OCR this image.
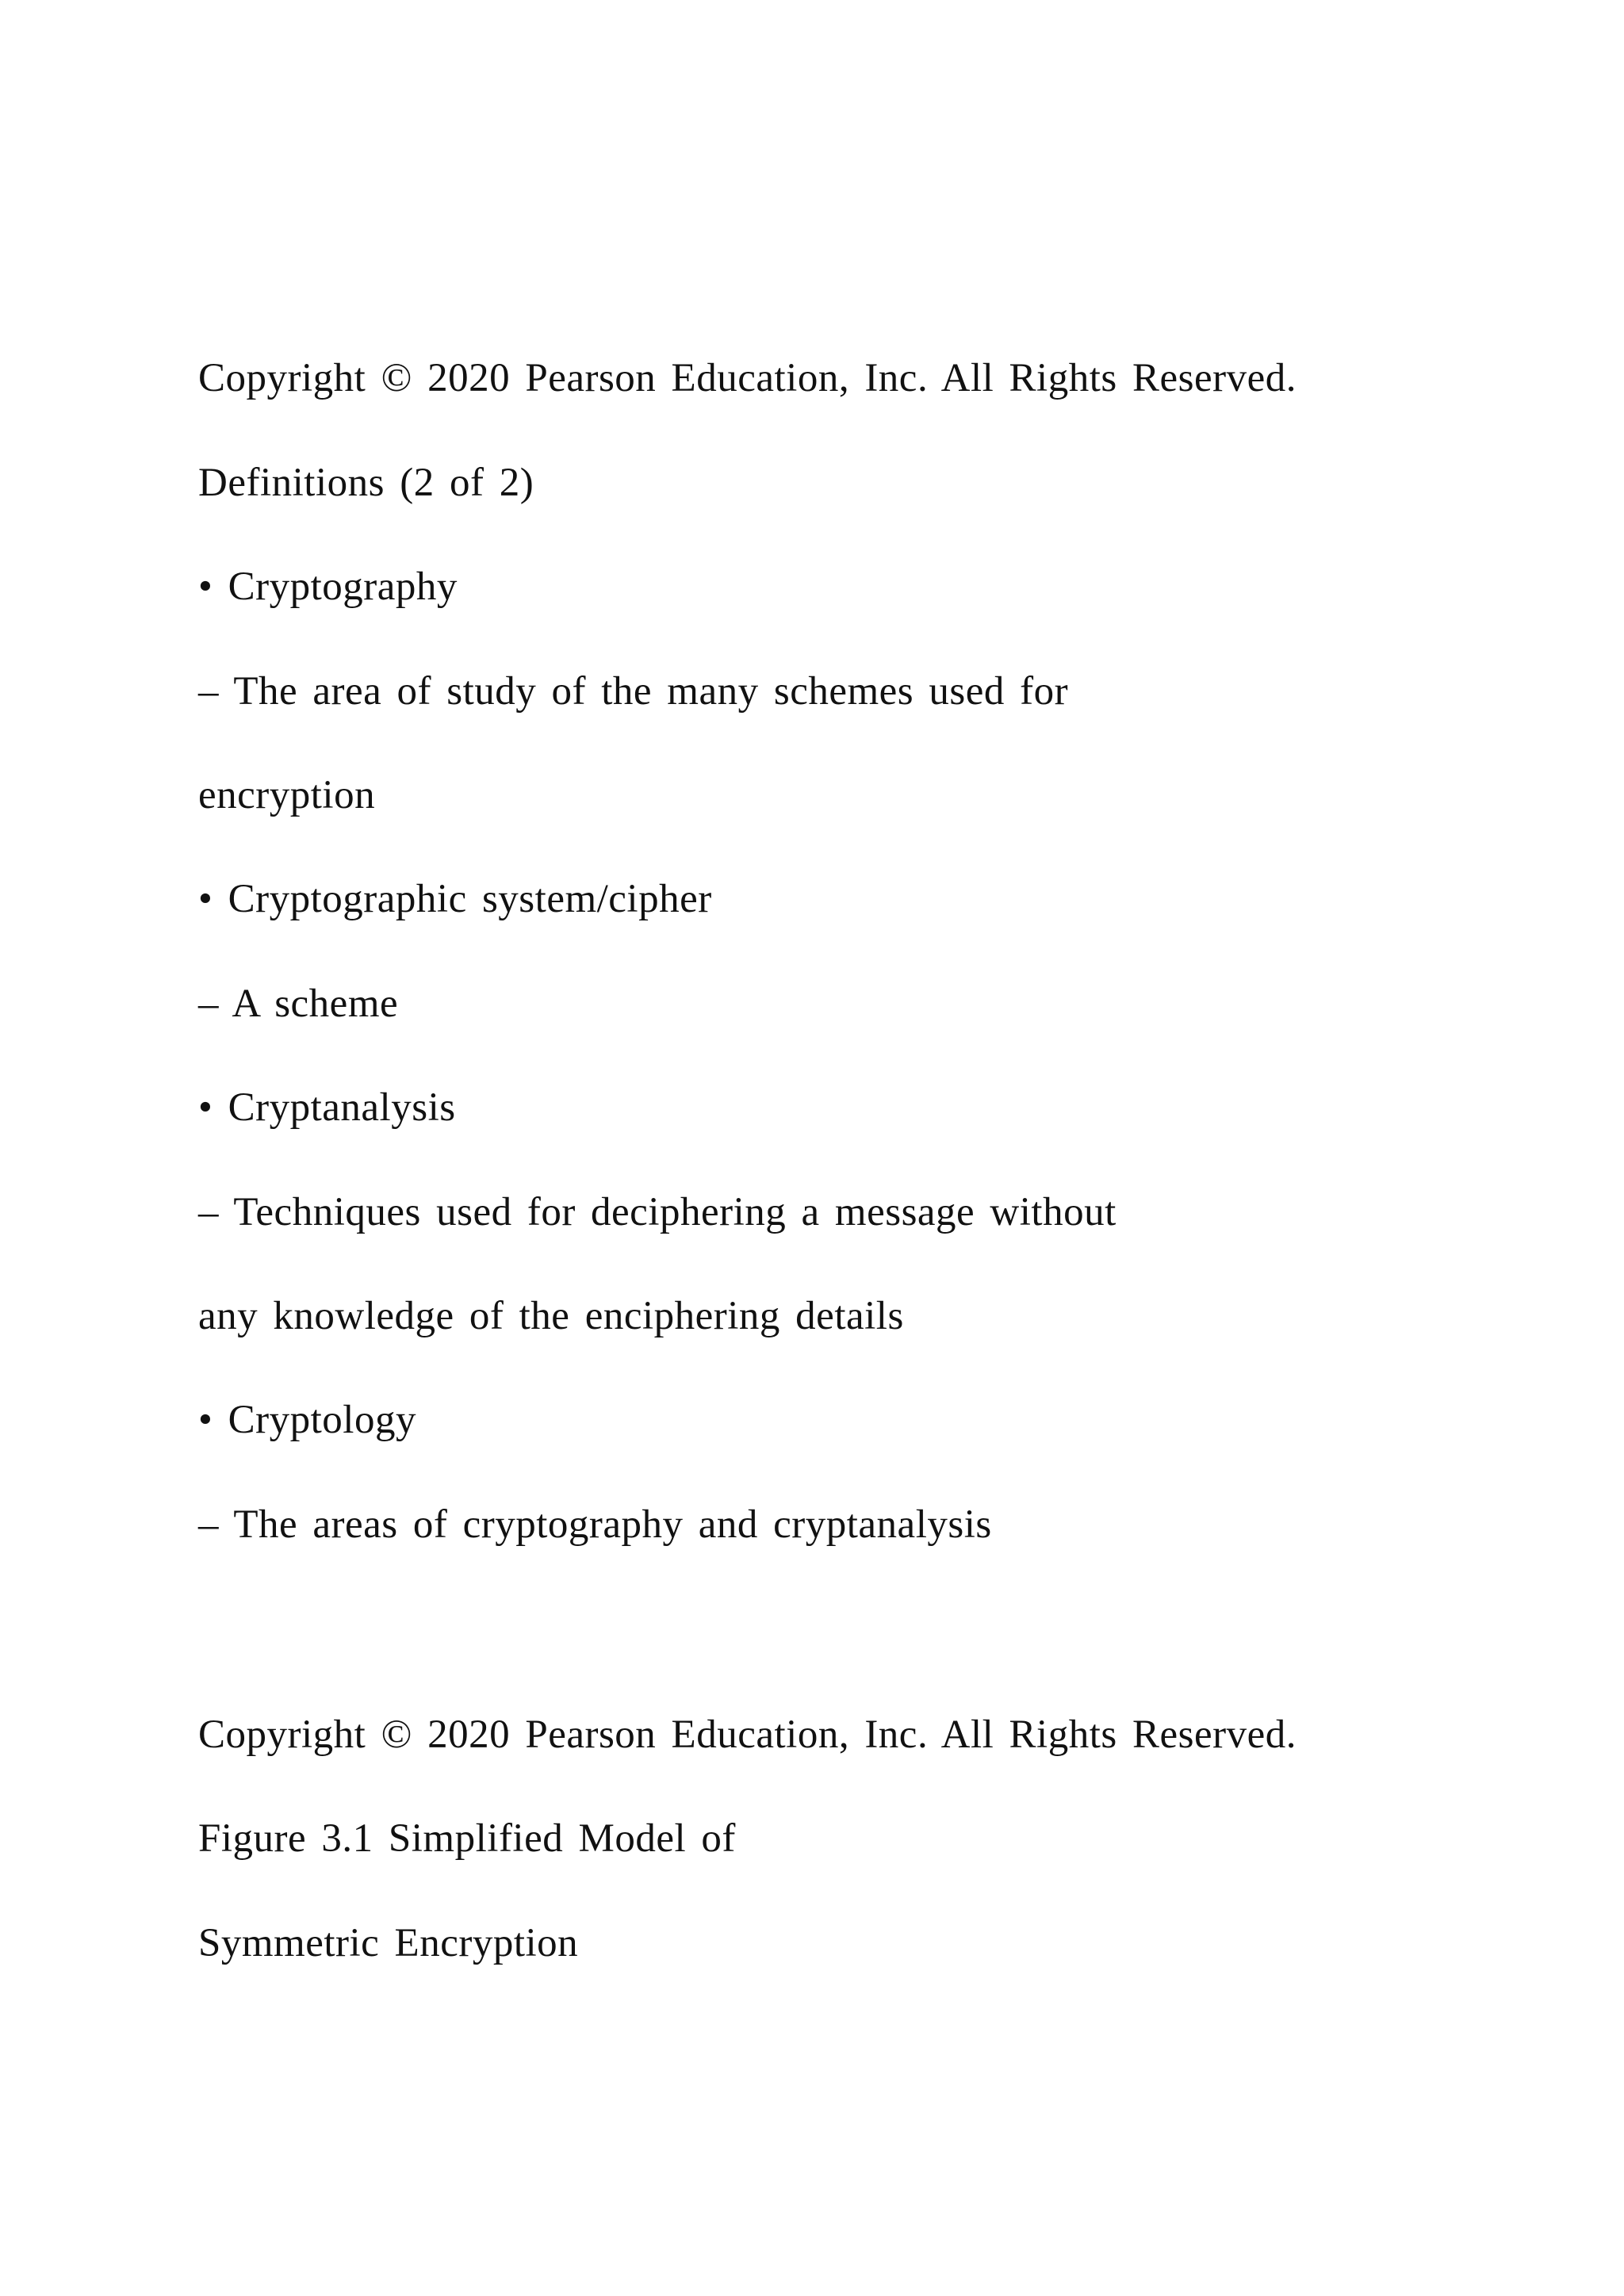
Copyright © 2020 Pearson Education, Inc. All Rights Reserved.
Definitions (2 of 2)
• Cryptography
– The area of study of the many schemes used for
encryption
• Cryptographic system/cipher
– A scheme
• Cryptanalysis
– Techniques used for deciphering a message without
any knowledge of the enciphering details
• Cryptology
– The areas of cryptography and cryptanalysis
Copyright © 2020 Pearson Education, Inc. All Rights Reserved.
Figure 3.1 Simplified Model of
Symmetric Encryption
